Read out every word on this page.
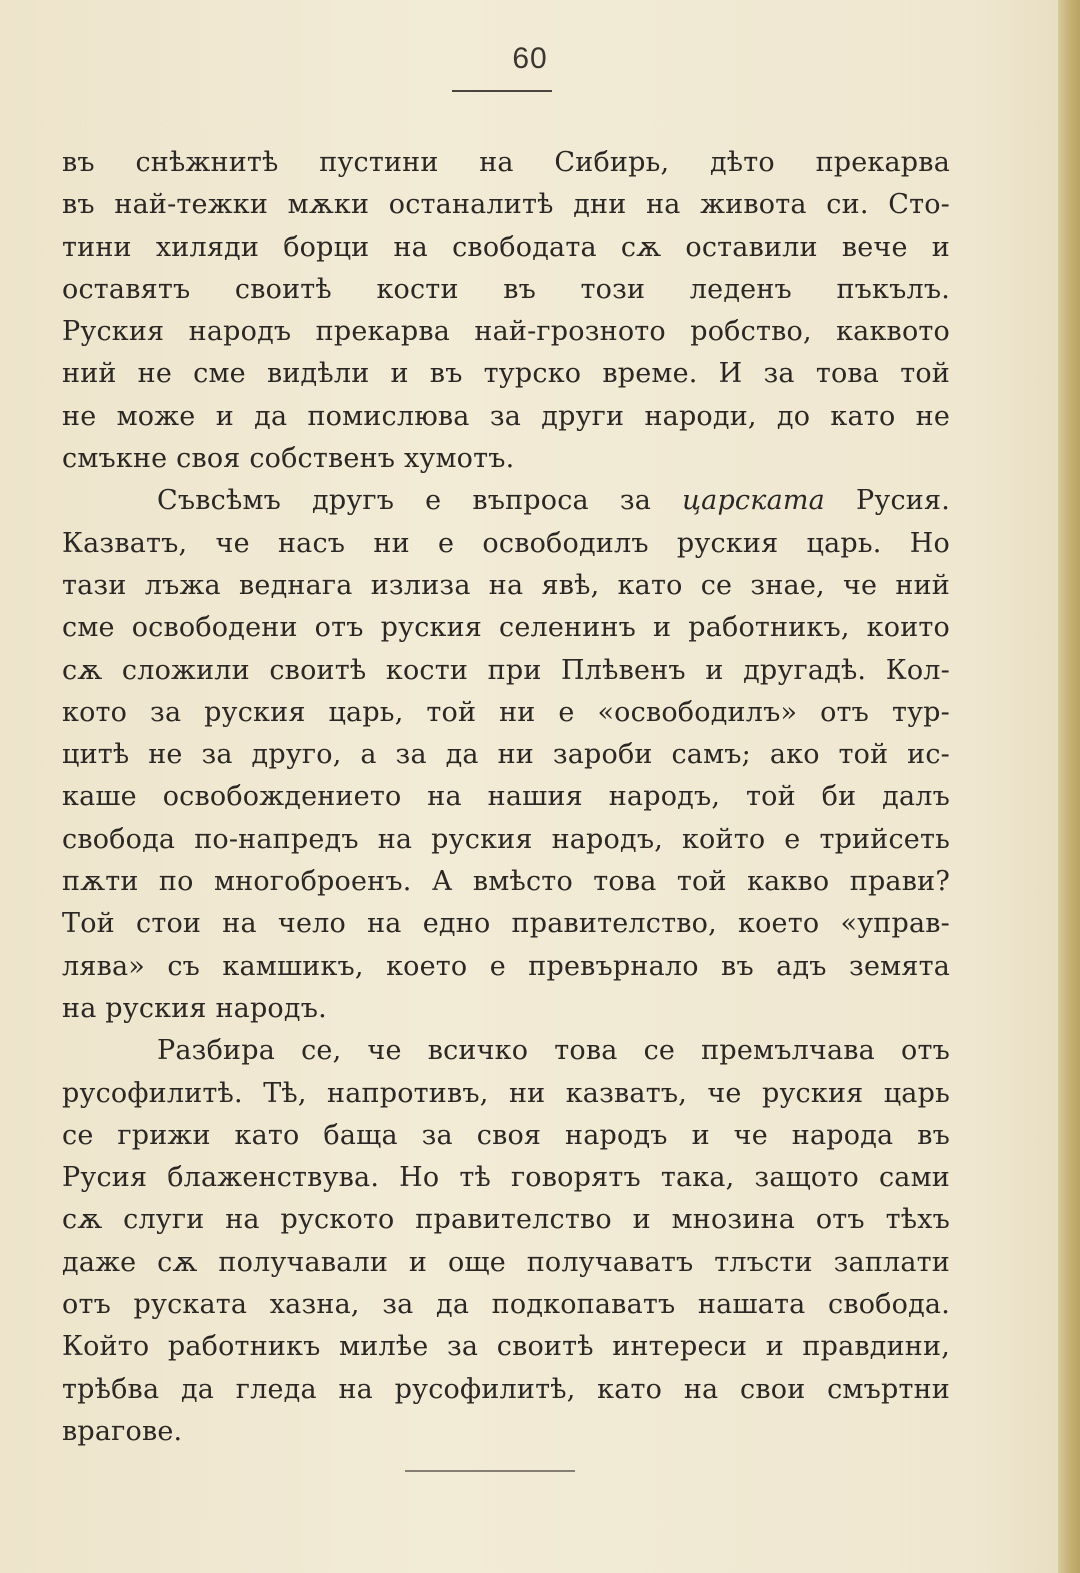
60
въ снѣжнитѣ пустини на Сибирь, дѣто прекарва
въ най-тежки мѫки останалитѣ дни на живота си. Сто-
тини хиляди борци на свободата сѫ оставили вече и
оставятъ своитѣ кости въ този леденъ пъкълъ.
Руския народъ прекарва най-грозното робство, каквото
ний не сме видѣли и въ турско време. И за това той
не може и да помислюва за други народи, до като не
смъкне своя собственъ хумотъ.
Съвсѣмъ другъ е въпроса за царската Русия.
Казватъ, че насъ ни е освободилъ руския царь. Но
тази лъжа веднага излиза на явѣ, като се знае, че ний
сме освободени отъ руския селенинъ и работникъ, които
сѫ сложили своитѣ кости при Плѣвенъ и другадѣ. Кол-
кото за руския царь, той ни е «освободилъ» отъ тур-
цитѣ не за друго, а за да ни зароби самъ; ако той ис-
каше освобождението на нашия народъ, той би далъ
свобода по-напредъ на руския народъ, който е трийсеть
пѫти по многоброенъ. А вмѣсто това той какво прави?
Той стои на чело на едно правителство, което «управ-
лява» съ камшикъ, което е превърнало въ адъ земята
на руския народъ.
Разбира се, че всичко това се премълчава отъ
русофилитѣ. Тѣ, напротивъ, ни казватъ, че руския царь
се грижи като баща за своя народъ и че народа въ
Русия блаженствува. Но тѣ говорятъ така, защото сами
сѫ слуги на руското правителство и мнозина отъ тѣхъ
даже сѫ получавали и още получаватъ тлъсти заплати
отъ руската хазна, за да подкопаватъ нашата свобода.
Който работникъ милѣе за своитѣ интереси и правдини,
трѣбва да гледа на русофилитѣ, като на свои смъртни
врагове.
